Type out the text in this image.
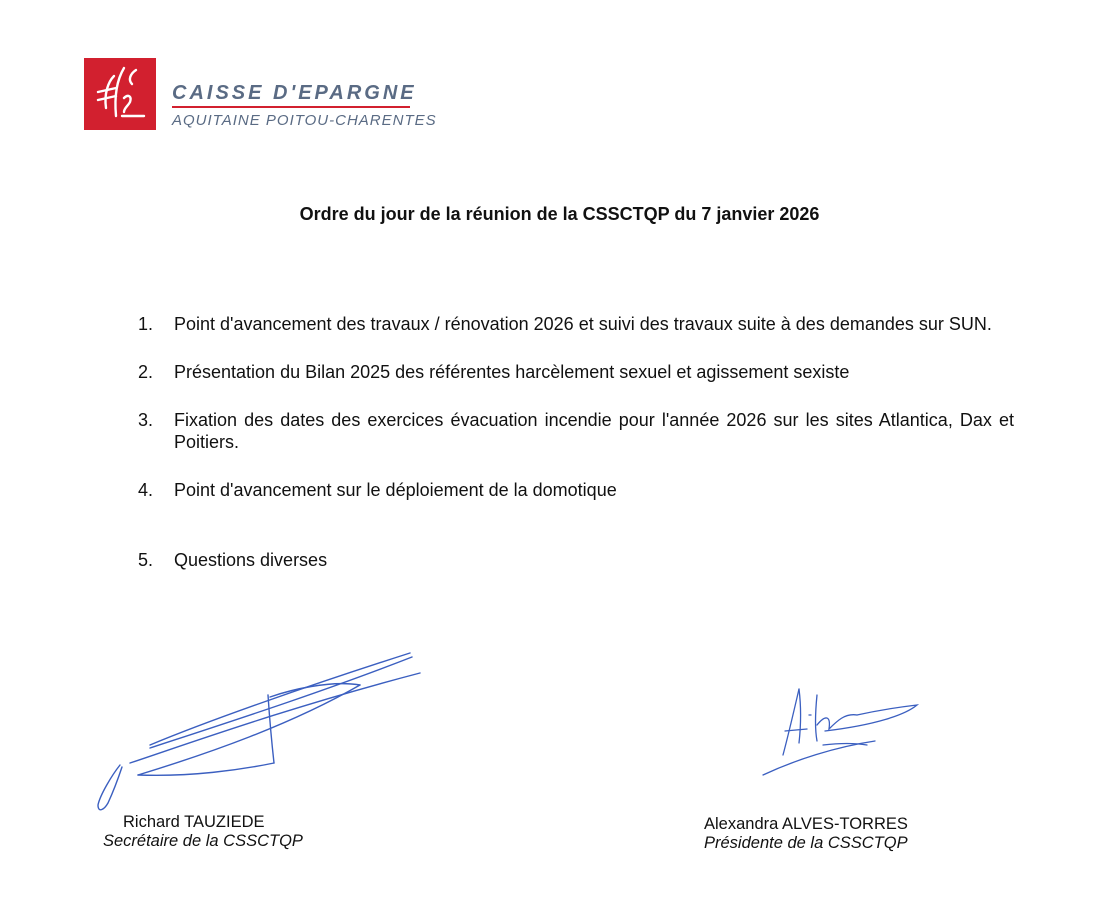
CAISSE D'EPARGNE
AQUITAINE POITOU-CHARENTES
Ordre du jour de la réunion de la CSSCTQP du 7 janvier 2026
1. Point d'avancement des travaux / rénovation 2026 et suivi des travaux suite à des demandes sur SUN.
2. Présentation du Bilan 2025 des référentes harcèlement sexuel et agissement sexiste
3. Fixation des dates des exercices évacuation incendie pour l'année 2026 sur les sites Atlantica, Dax et Poitiers.
4. Point d'avancement sur le déploiement de la domotique
5. Questions diverses
Richard TAUZIEDE
Secrétaire de la CSSCTQP
Alexandra ALVES-TORRES
Présidente de la CSSCTQP
